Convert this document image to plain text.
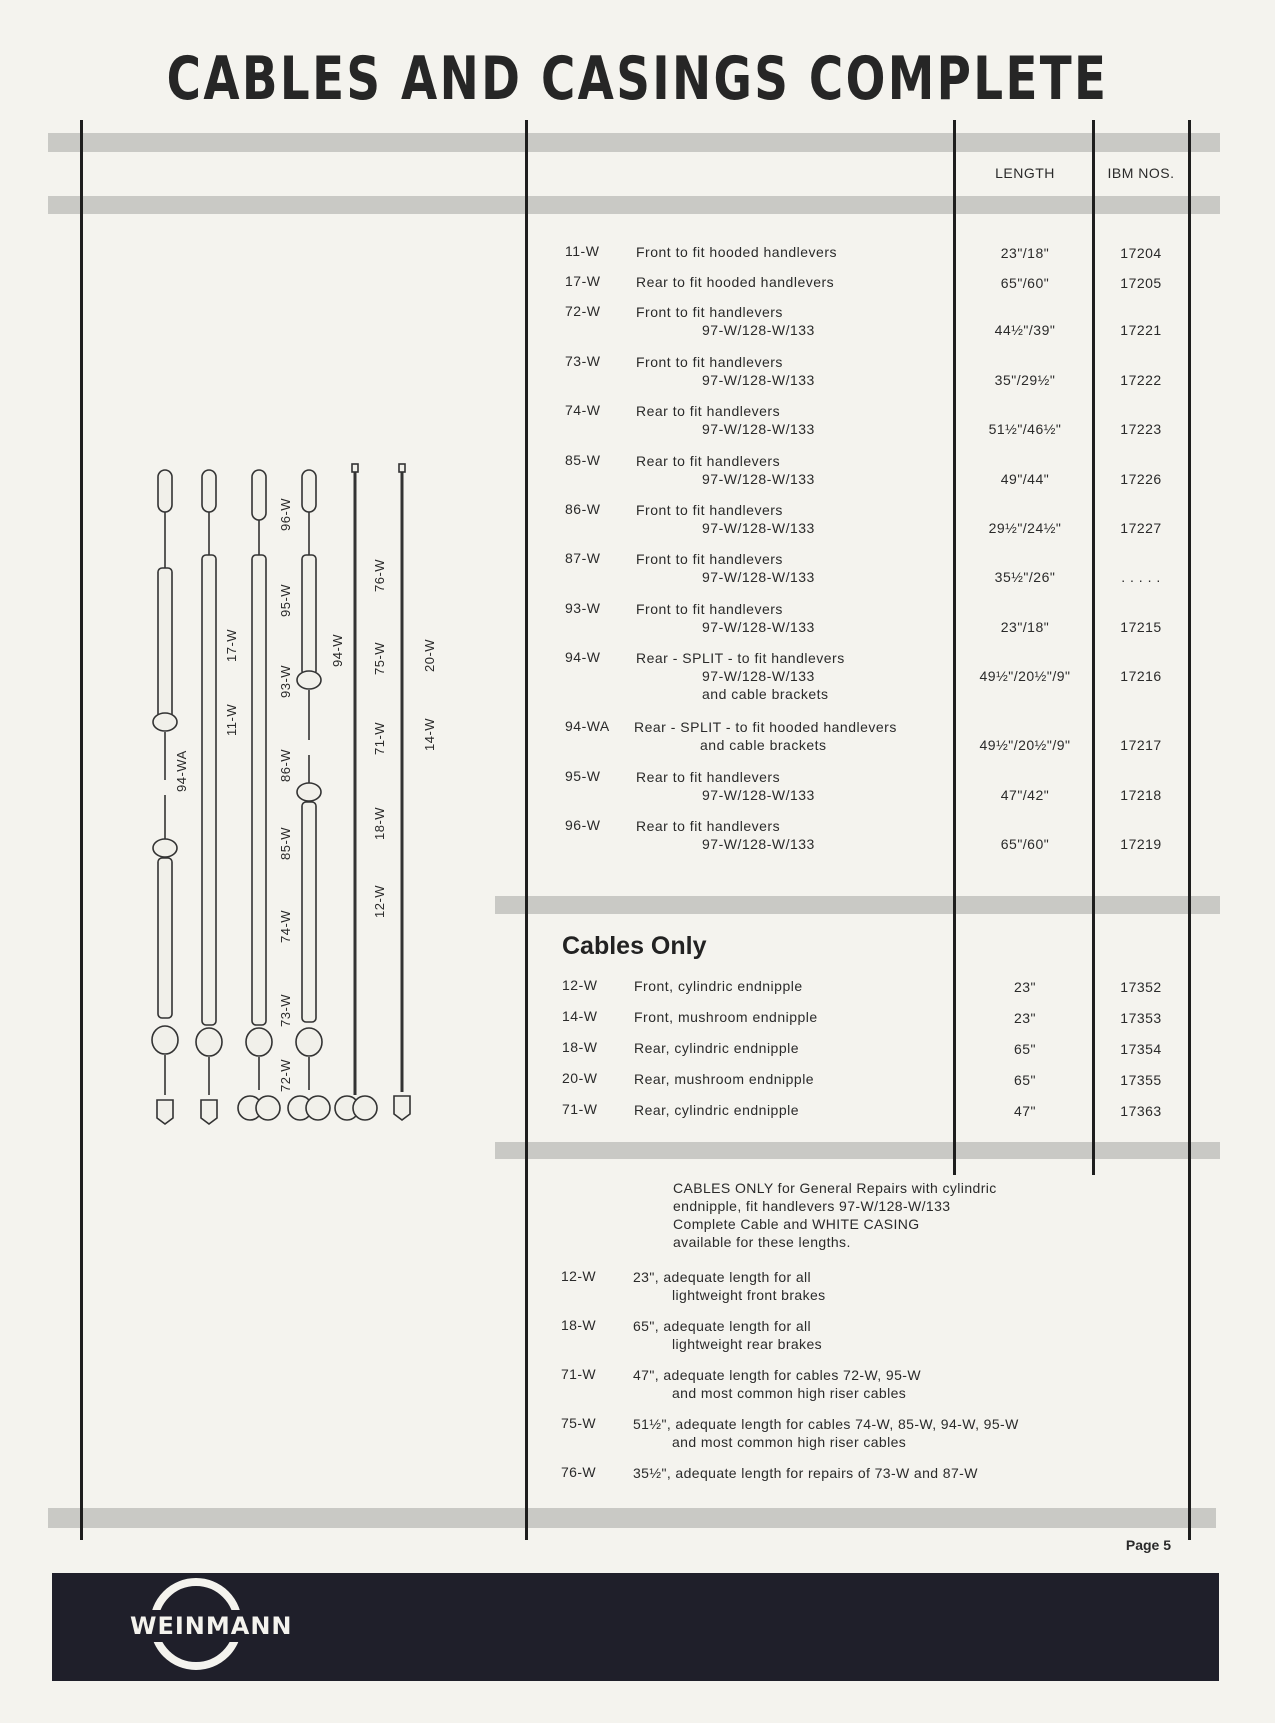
CABLES AND CASINGS COMPLETE
LENGTH	IBM NOS.
11-W	Front to fit hooded handlevers	23"/18"	17204
17-W	Rear to fit hooded handlevers	65"/60"	17205
72-W	Front to fit handlevers
97-W/128-W/133	44½"/39"	17221
73-W	Front to fit handlevers
97-W/128-W/133	35"/29½"	17222
74-W	Rear to fit handlevers
97-W/128-W/133	51½"/46½"	17223
85-W	Rear to fit handlevers
97-W/128-W/133	49"/44"	17226
86-W	Front to fit handlevers
97-W/128-W/133	29½"/24½"	17227
87-W	Front to fit handlevers
97-W/128-W/133	35½"/26"	. . . . .
93-W	Front to fit handlevers
97-W/128-W/133	23"/18"	17215
94-W	Rear - SPLIT - to fit handlevers
97-W/128-W/133
and cable brackets
49½"/20½"/9"	17216
94-WA Rear - SPLIT - to fit hooded handlevers
and cable brackets	49½"/20½"/9"	17217
95-W	Rear to fit handlevers
97-W/128-W/133	47"/42"	17218
96-W	Rear to fit handlevers
97-W/128-W/133	65"/60"	17219
Cables Only
12-W	Front, cylindric endnipple	23"	17352
14-W	Front, mushroom endnipple	23"	17353
18-W	Rear, cylindric endnipple	65"	17354
20-W	Rear, mushroom endnipple	65"	17355
71-W	Rear, cylindric endnipple	47"	17363
CABLES ONLY for General Repairs with cylindric
endnipple, fit handlevers 97-W/128-W/133
Complete Cable and WHITE CASING
available for these lengths.
12-W	23", adequate length for all
lightweight front brakes
18-W	65", adequate length for all
lightweight rear brakes
71-W	47", adequate length for cables 72-W, 95-W
and most common high riser cables
75-W	51½", adequate length for cables 74-W, 85-W, 94-W, 95-W
and most common high riser cables
76-W	35½", adequate length for repairs of 73-W and 87-W
94-WA
11-W
17-W
72-W
73-W
74-W
85-W
86-W
93-W
95-W
96-W
94-W
12-W
18-W
71-W
75-W
76-W
14-W
20-W
Page 5
WEINMANN
